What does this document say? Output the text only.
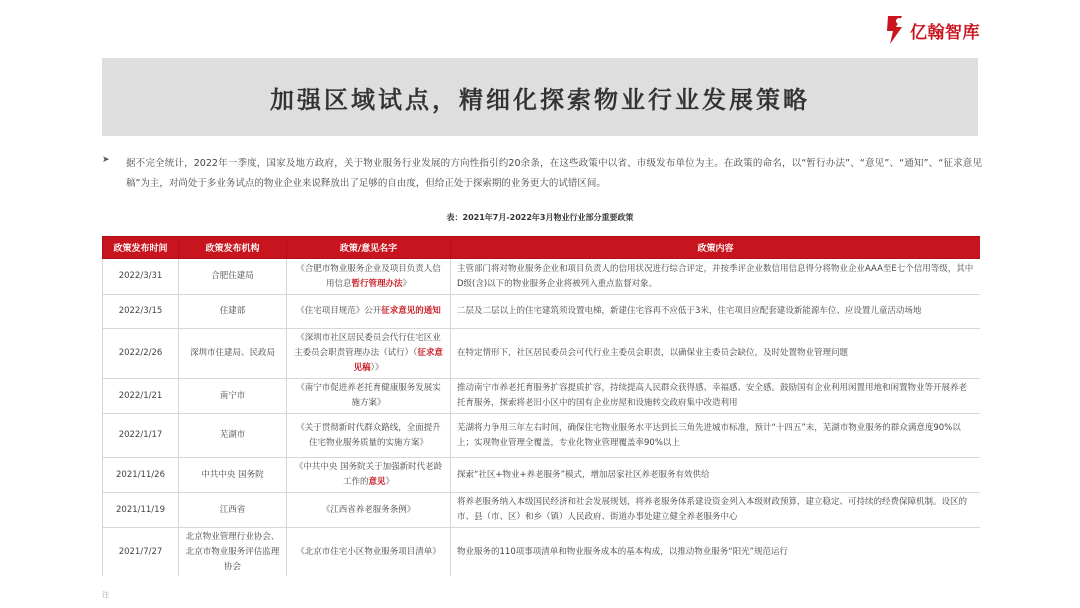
亿翰智库
加强区域试点，精细化探索物业行业发展策略
➤ 据不完全统计，2022年一季度，国家及地方政府，关于物业服务行业发展的方向性指引约20余条，在这些政策中以省、市级发布单位为主。在政策的命名，以“暂行办法”、“意见”、“通知”、“征求意见稿”为主，对尚处于多业务试点的物业企业来说释放出了足够的自由度，但给正处于探索期的业务更大的试错区间。

表：2021年7月-2022年3月物业行业部分重要政策
政策发布时间	政策发布机构	政策/意见名字	政策内容
2022/3/31	合肥住建局	《合肥市物业服务企业及项目负责人信用信息暂行管理办法》	主管部门将对物业服务企业和项目负责人的信用状况进行综合评定，并按季评企业数信用信息得分将物业企业AAA至E七个信用等级，其中D级(含)以下的物业服务企业将被列入重点监督对象。
2022/3/15	住建部	《住宅项目规范》公开征求意见的通知	二层及二层以上的住宅建筑须设置电梯，新建住宅容再不应低于3米，住宅项目应配套建设新能源车位、应设置儿童活动场地
2022/2/26	深圳市住建局、民政局	《深圳市社区居民委员会代行住宅区业主委员会职责管理办法（试行）（征求意见稿）》	在特定情形下，社区居民委员会可代行业主委员会职责，以确保业主委员会缺位，及时处置物业管理问题
2022/1/21	南宁市	《南宁市促进养老托育健康服务发展实施方案》	推动南宁市养老托育服务扩容提质扩容，持续提高人民群众获得感、幸福感、安全感。鼓励国有企业利用闲置用地和闲置物业等开展养老托育服务，探索将老旧小区中的国有企业房屋和设施转交政府集中改造利用
2022/1/17	芜湖市	《关于贯彻新时代群众路线，全面提升住宅物业服务质量的实施方案》	芜湖将力争用三年左右时间，确保住宅物业服务水平达到长三角先进城市标准，预计“十四五”末，芜湖市物业服务的群众满意度90%以上；实现物业管理全覆盖，专业化物业管理覆盖率90%以上
2021/11/26	中共中央 国务院	《中共中央 国务院关于加强新时代老龄工作的意见》	探索“社区+物业+养老服务”模式，增加居家社区养老服务有效供给
2021/11/19	江西省	《江西省养老服务条例》	将养老服务纳入本级国民经济和社会发展规划，将养老服务体系建设资金列入本级财政预算，建立稳定、可持续的经费保障机制。设区的市、县（市、区）和乡（镇）人民政府、街道办事处建立健全养老服务中心
2021/7/27	北京物业管理行业协会、北京市物业服务评估监理协会	《北京市住宅小区物业服务项目清单》	物业服务的110项事项清单和物业服务成本的基本构成，以推动物业服务“阳光”规范运行
注
